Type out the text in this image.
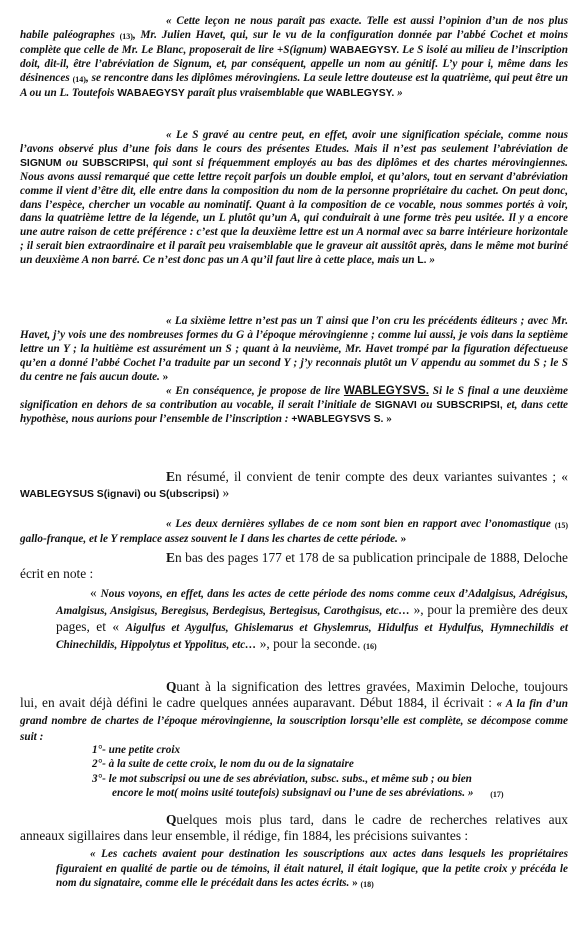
« Cette leçon ne nous paraît pas exacte. Telle est aussi l’opinion d’un de nos plus habile paléographes (13), Mr. Julien Havet, qui, sur le vu de la configuration donnée par l’abbé Cochet et moins complète que celle de Mr. Le Blanc, proposerait de lire +S(ignum) WABAEGYSY. Le S isolé au milieu de l’inscription doit, dit-il, être l’abréviation de Signum, et, par conséquent, appelle un nom au génitif. L’y pour i, même dans les désinences (14), se rencontre dans les diplômes mérovingiens. La seule lettre douteuse est la quatrième, qui peut être un A ou un L. Toutefois WABAEGYSY paraît plus vraisemblable que WABLEGYSY. »

« Le S gravé au centre peut, en effet, avoir une signification spéciale, comme nous l’avons observé plus d’une fois dans le cours des présentes Etudes. Mais il n’est pas seulement l’abréviation de SIGNUM ou SUBSCRIPSI, qui sont si fréquemment employés au bas des diplômes et des chartes mérovingiennes. Nous avons aussi remarqué que cette lettre reçoit parfois un double emploi, et qu’alors, tout en servant d’abréviation comme il vient d’être dit, elle entre dans la composition du nom de la personne propriétaire du cachet. On peut donc, dans l’espèce, chercher un vocable au nominatif. Quant à la composition de ce vocable, nous sommes portés à voir, dans la quatrième lettre de la légende, un L plutôt qu’un A, qui conduirait à une forme très peu usitée. Il y a encore une autre raison de cette préférence : c’est que la deuxième lettre est un A normal avec sa barre intérieure horizontale ; il serait bien extraordinaire et il paraît peu vraisemblable que le graveur ait aussitôt après, dans le même mot buriné un deuxième A non barré. Ce n’est donc pas un A qu’il faut lire à cette place, mais un L. »

« La sixième lettre n’est pas un T ainsi que l’on cru les précédents éditeurs ; avec Mr. Havet, j’y vois une des nombreuses formes du G à l’époque mérovingienne ; comme lui aussi, je vois dans la septième lettre un Y ; la huitième est assurément un S ; quant à la neuvième, Mr. Havet trompé par la figuration défectueuse qu’en a donné l’abbé Cochet l’a traduite par un second Y ; j’y reconnais plutôt un V appendu au sommet du S ; le S du centre ne fais aucun doute. »

« En conséquence, je propose de lire WABLEGYSVS. Si le S final a une deuxième signification en dehors de sa contribution au vocable, il serait l’initiale de SIGNAVI ou SUBSCRIPSI, et, dans cette hypothèse, nous aurions pour l’ensemble de l’inscription : +WABLEGYSVS S. »

En résumé, il convient de tenir compte des deux variantes suivantes ; « WABLEGYSUS S(ignavi) ou S(ubscripsi) »

« Les deux dernières syllabes de ce nom sont bien en rapport avec l’onomastique (15) gallo-franque, et le Y remplace assez souvent le I dans les chartes de cette période. »

En bas des pages 177 et 178 de sa publication principale de 1888, Deloche écrit en note :

« Nous voyons, en effet, dans les actes de cette période des noms comme ceux d’Adalgisus, Adrégisus, Amalgisus, Ansigisus, Beregisus, Berdegisus, Bertegisus, Carothgisus, etc… », pour la première des deux pages, et « Aigulfus et Aygulfus, Ghislemarus et Ghyslemrus, Hidulfus et Hydulfus, Hymnechildis et Chinechildis, Hippolytus et Yppolitus, etc… », pour la seconde. (16)

Quant à la signification des lettres gravées, Maximin Deloche, toujours lui, en avait déjà défini le cadre quelques années auparavant. Début 1884, il écrivait : « A la fin d’un grand nombre de chartes de l’époque mérovingienne, la souscription lorsqu’elle est complète, se décompose comme suit :

1°- une petite croix
2°- à la suite de cette croix, le nom du ou de la signataire
3°- le mot subscripsi ou une de ses abréviation, subsc. subs., et même sub ; ou bien
encore le mot( moins usité toutefois) subsignavi ou l’une de ses abréviations. » (17)

Quelques mois plus tard, dans le cadre de recherches relatives aux anneaux sigillaires dans leur ensemble, il rédige, fin 1884, les précisions suivantes :

« Les cachets avaient pour destination les souscriptions aux actes dans lesquels les propriétaires figuraient en qualité de partie ou de témoins, il était naturel, il était logique, que la petite croix y précéda le nom du signataire, comme elle le précédait dans les actes écrits. » (18)
